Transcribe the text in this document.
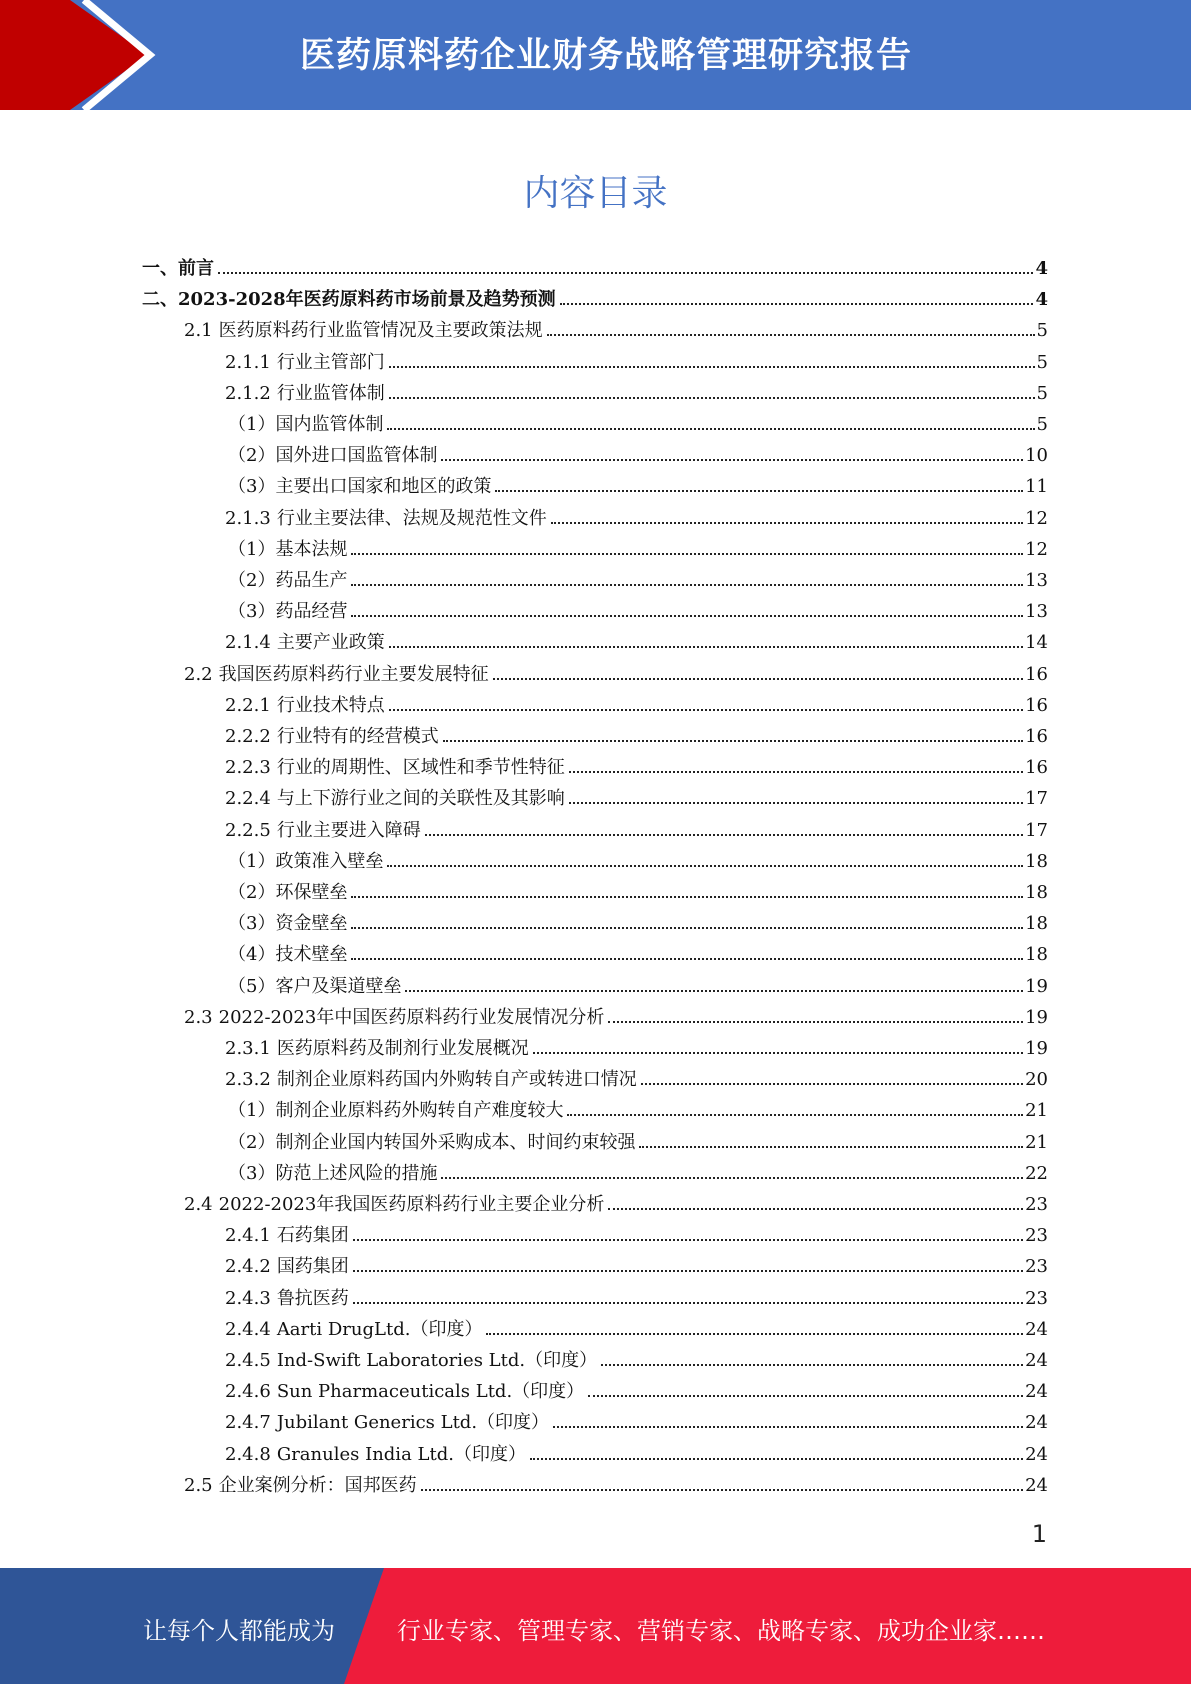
医药原料药企业财务战略管理研究报告
内容目录
一、 前言	4
二、 2023-2028年医药原料药市场前景及趋势预测	4
2.1 医药原料药行业监管情况及主要政策法规	5
2.1.1 行业主管部门	5
2.1.2 行业监管体制	5
（1） 国内监管体制	5
（2） 国外进口国监管体制	10
（3） 主要出口国家和地区的政策	11
2.1.3 行业主要法律、法规及规范性文件	12
（1） 基本法规	12
（2） 药品生产	13
（3） 药品经营	13
2.1.4 主要产业政策	14
2.2 我国医药原料药行业主要发展特征	16
2.2.1 行业技术特点	16
2.2.2 行业特有的经营模式	16
2.2.3 行业的周期性、区域性和季节性特征	16
2.2.4 与上下游行业之间的关联性及其影响	17
2.2.5 行业主要进入障碍	17
（1） 政策准入壁垒	18
（2） 环保壁垒	18
（3） 资金壁垒	18
（4） 技术壁垒	18
（5） 客户及渠道壁垒	19
2.3 2022-2023年中国医药原料药行业发展情况分析	19
2.3.1 医药原料药及制剂行业发展概况	19
2.3.2 制剂企业原料药国内外购转自产或转进口情况	20
（1） 制剂企业原料药外购转自产难度较大	21
（2） 制剂企业国内转国外采购成本、时间约束较强	21
（3） 防范上述风险的措施	22
2.4 2022-2023年我国医药原料药行业主要企业分析	23
2.4.1 石药集团	23
2.4.2 国药集团	23
2.4.3 鲁抗医药	23
2.4.4 Aarti DrugLtd.（印度）	24
2.4.5 Ind-Swift Laboratories Ltd.（印度）	24
2.4.6 Sun Pharmaceuticals Ltd.（印度）	24
2.4.7 Jubilant Generics Ltd.（印度）	24
2.4.8 Granules India Ltd.（印度）	24
2.5 企业案例分析：国邦医药	24
1
让每个人都能成为	行业专家、管理专家、营销专家、战略专家、成功企业家……
